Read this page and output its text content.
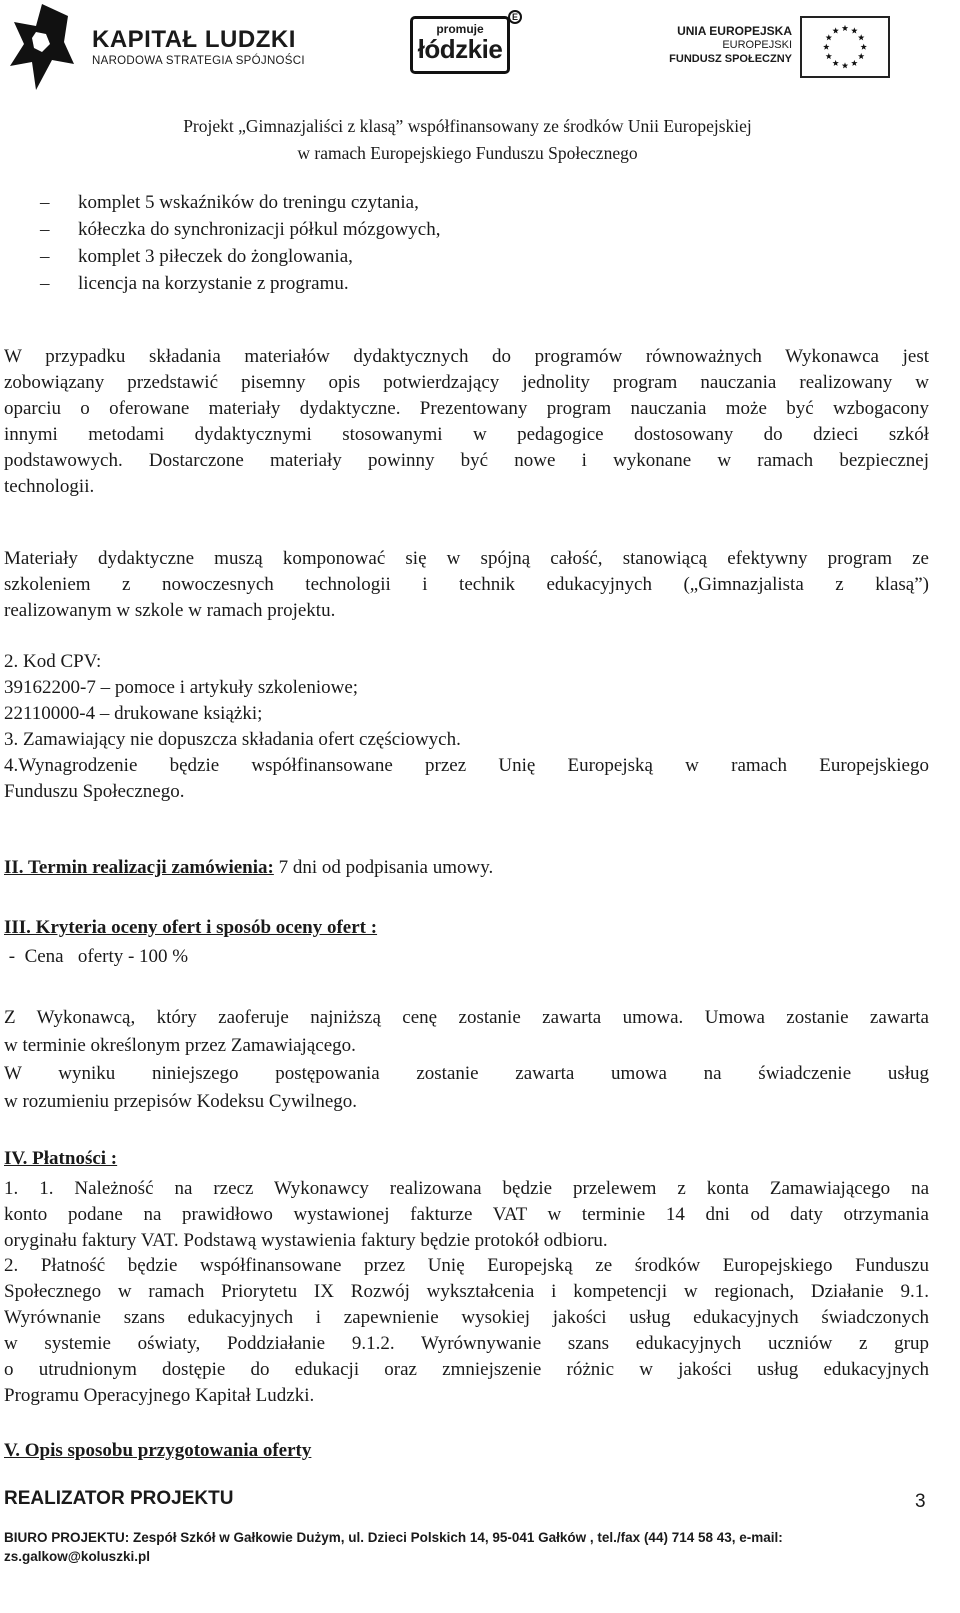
KAPITAŁ LUDZKI
NARODOWA STRATEGIA SPÓJNOŚCI
promuje
łódzkie
E
UNIA EUROPEJSKA
EUROPEJSKI
FUNDUSZ SPOŁECZNY
Projekt „Gimnazjaliści z klasą” współfinansowany ze środków Unii Europejskiej
w ramach Europejskiego Funduszu Społecznego
– komplet 5 wskaźników do treningu czytania,
– kółeczka do synchronizacji półkul mózgowych,
– komplet 3 piłeczek do żonglowania,
– licencja na korzystanie z programu.
W przypadku składania materiałów dydaktycznych do programów równoważnych Wykonawca jest
zobowiązany przedstawić pisemny opis potwierdzający jednolity program nauczania realizowany w
oparciu o oferowane materiały dydaktyczne. Prezentowany program nauczania może być wzbogacony
innymi metodami dydaktycznymi stosowanymi w pedagogice dostosowany do dzieci szkół
podstawowych. Dostarczone materiały powinny być nowe i wykonane w ramach bezpiecznej
technologii.
Materiały dydaktyczne muszą komponować się w spójną całość, stanowiącą efektywny program ze
szkoleniem z nowoczesnych technologii i technik edukacyjnych („Gimnazjalista z klasą”)
realizowanym w szkole w ramach projektu.
2. Kod CPV:
39162200-7 – pomoce i artykuły szkoleniowe;
22110000-4 – drukowane książki;
3. Zamawiający nie dopuszcza składania ofert częściowych.
4.Wynagrodzenie będzie współfinansowane przez Unię Europejską w ramach Europejskiego
Funduszu Społecznego.
II. Termin realizacji zamówienia: 7 dni od podpisania umowy.
III. Kryteria oceny ofert i sposób oceny ofert :
-  Cena   oferty - 100 %
Z Wykonawcą, który zaoferuje najniższą cenę zostanie zawarta umowa. Umowa zostanie zawarta
w terminie określonym przez Zamawiającego.
W wyniku niniejszego postępowania zostanie zawarta umowa na świadczenie usług
w rozumieniu przepisów Kodeksu Cywilnego.
IV. Płatności :
1. 1. Należność na rzecz Wykonawcy realizowana będzie przelewem z konta Zamawiającego na
konto podane na prawidłowo wystawionej fakturze VAT w terminie 14 dni od daty otrzymania
oryginału faktury VAT. Podstawą wystawienia faktury będzie protokół odbioru.
2. Płatność będzie współfinansowane przez Unię Europejską ze środków Europejskiego Funduszu
Społecznego w ramach Priorytetu IX Rozwój wykształcenia i kompetencji w regionach, Działanie 9.1.
Wyrównanie szans edukacyjnych i zapewnienie wysokiej jakości usług edukacyjnych świadczonych
w systemie oświaty, Poddziałanie 9.1.2. Wyrównywanie szans edukacyjnych uczniów z grup
o utrudnionym dostępie do edukacji oraz zmniejszenie różnic w jakości usług edukacyjnych
Programu Operacyjnego Kapitał Ludzki.
V. Opis sposobu przygotowania oferty
REALIZATOR PROJEKTU	3
BIURO PROJEKTU: Zespół Szkół w Gałkowie Dużym, ul. Dzieci Polskich 14, 95-041 Gałków , tel./fax (44) 714 58 43, e-mail:
zs.galkow@koluszki.pl
